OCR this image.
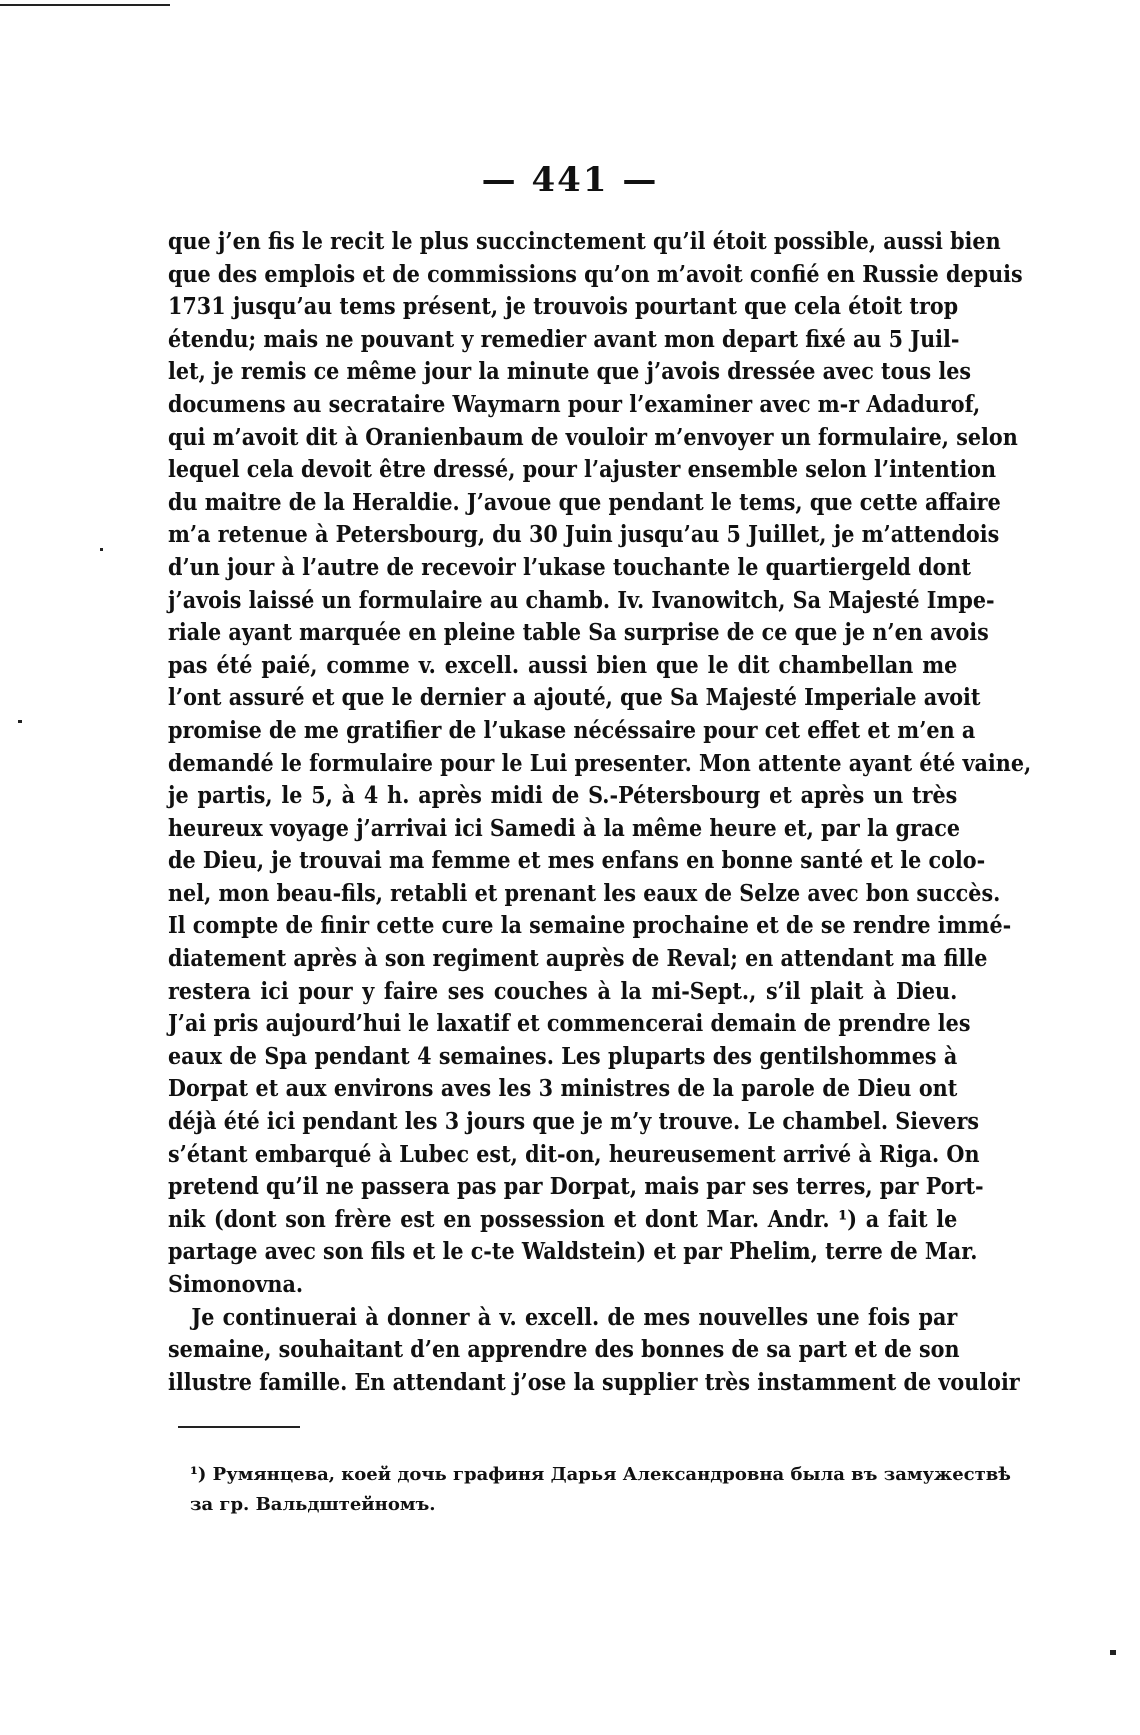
— 441 —
que j’en fis le recit le plus succinctement qu’il étoit possible, aussi bien
que des emplois et de commissions qu’on m’avoit confié en Russie depuis
1731 jusqu’au tems présent, je trouvois pourtant que cela étoit trop
étendu; mais ne pouvant y remedier avant mon depart fixé au 5 Juil-
let, je remis ce même jour la minute que j’avois dressée avec tous les
documens au secrataire Waymarn pour l’examiner avec m-r Adadurof,
qui m’avoit dit à Oranienbaum de vouloir m’envoyer un formulaire, selon
lequel cela devoit être dressé, pour l’ajuster ensemble selon l’intention
du maitre de la Heraldie. J’avoue que pendant le tems, que cette affaire
m’a retenue à Petersbourg, du 30 Juin jusqu’au 5 Juillet, je m’attendois
d’un jour à l’autre de recevoir l’ukase touchante le quartiergeld dont
j’avois laissé un formulaire au chamb. Iv. Ivanowitch, Sa Majesté Impe-
riale ayant marquée en pleine table Sa surprise de ce que je n’en avois
pas été paié, comme v. excell. aussi bien que le dit chambellan me
l’ont assuré et que le dernier a ajouté, que Sa Majesté Imperiale avoit
promise de me gratifier de l’ukase nécéssaire pour cet effet et m’en a
demandé le formulaire pour le Lui presenter. Mon attente ayant été vaine,
je partis, le 5, à 4 h. après midi de S.-Pétersbourg et après un très
heureux voyage j’arrivai ici Samedi à la même heure et, par la grace
de Dieu, je trouvai ma femme et mes enfans en bonne santé et le colo-
nel, mon beau-fils, retabli et prenant les eaux de Selze avec bon succès.
Il compte de finir cette cure la semaine prochaine et de se rendre immé-
diatement après à son regiment auprès de Reval; en attendant ma fille
restera ici pour y faire ses couches à la mi-Sept., s’il plait à Dieu.
J’ai pris aujourd’hui le laxatif et commencerai demain de prendre les
eaux de Spa pendant 4 semaines. Les pluparts des gentilshommes à
Dorpat et aux environs aves les 3 ministres de la parole de Dieu ont
déjà été ici pendant les 3 jours que je m’y trouve. Le chambel. Sievers
s’étant embarqué à Lubec est, dit-on, heureusement arrivé à Riga. On
pretend qu’il ne passera pas par Dorpat, mais par ses terres, par Port-
nik (dont son frère est en possession et dont Mar. Andr. ¹) a fait le
partage avec son fils et le c-te Waldstein) et par Phelim, terre de Mar.
Simonovna.
Je continuerai à donner à v. excell. de mes nouvelles une fois par
semaine, souhaitant d’en apprendre des bonnes de sa part et de son
illustre famille. En attendant j’ose la supplier très instamment de vouloir
¹) Румянцева, коей дочь графиня Дарья Александровна была въ замужествѣ
за гр. Вальдштейномъ.
